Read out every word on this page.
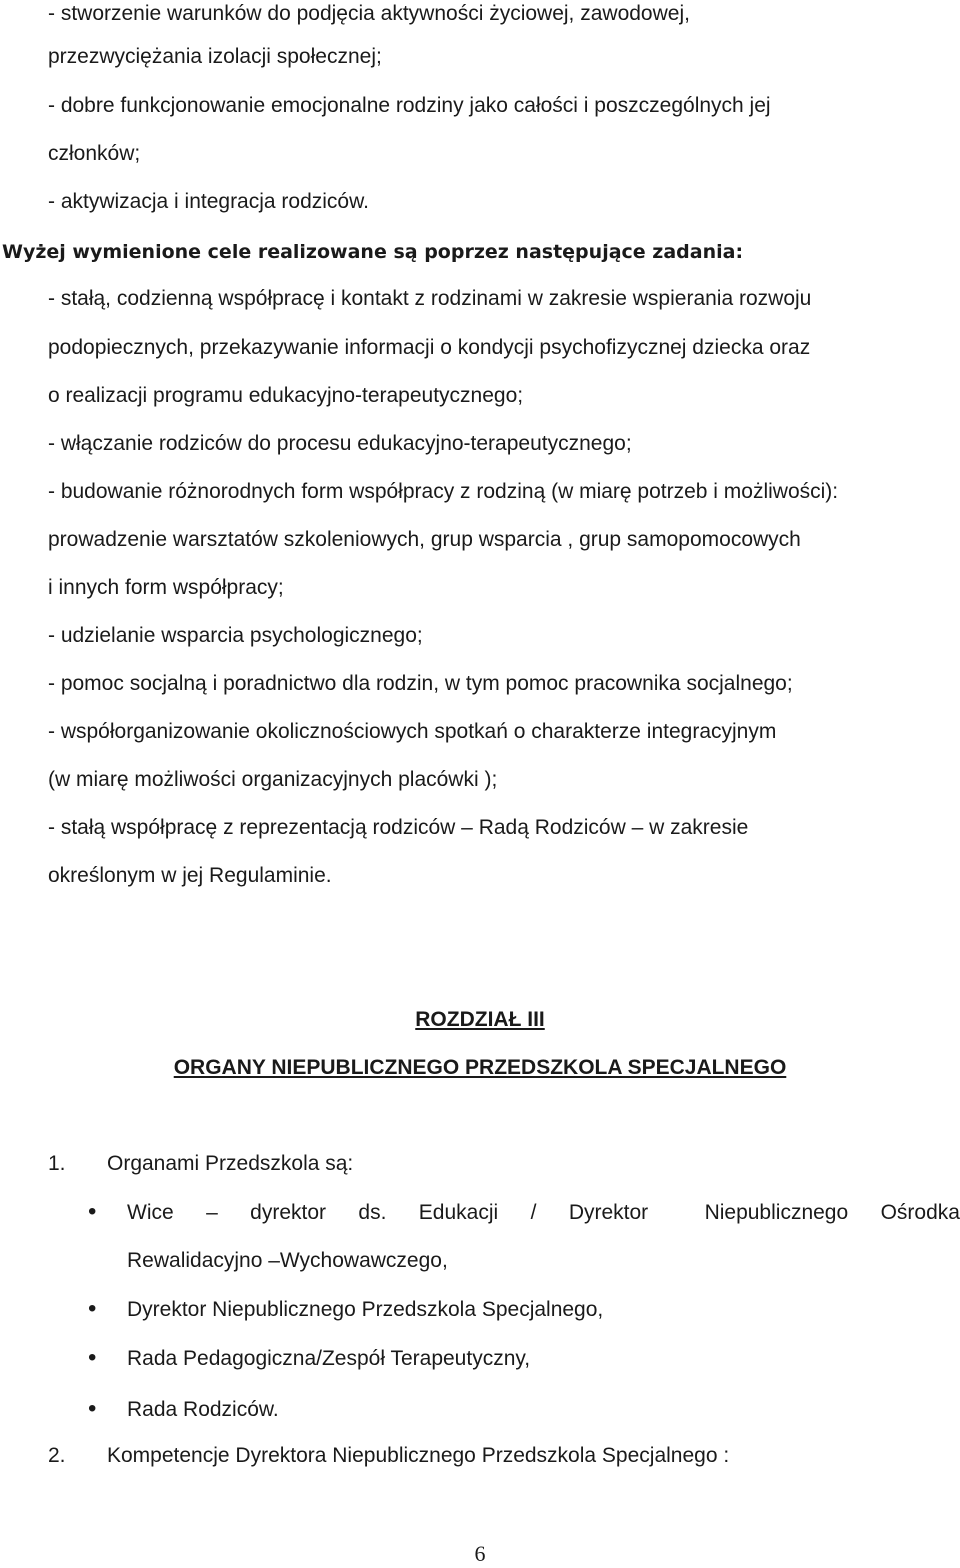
- stworzenie warunków do podjęcia aktywności życiowej, zawodowej,
przezwyciężania izolacji społecznej;
- dobre funkcjonowanie emocjonalne rodziny jako całości i poszczególnych jej
członków;
- aktywizacja i integracja rodziców.
Wyżej wymienione cele realizowane są poprzez następujące zadania:
- stałą, codzienną współpracę i kontakt z rodzinami w zakresie wspierania rozwoju
podopiecznych, przekazywanie informacji o kondycji psychofizycznej dziecka oraz
o realizacji programu edukacyjno-terapeutycznego;
- włączanie rodziców do procesu edukacyjno-terapeutycznego;
- budowanie różnorodnych form współpracy z rodziną (w miarę potrzeb i możliwości):
prowadzenie warsztatów szkoleniowych, grup wsparcia , grup samopomocowych
i innych form współpracy;
- udzielanie wsparcia psychologicznego;
- pomoc socjalną i poradnictwo dla rodzin, w tym pomoc pracownika socjalnego;
- współorganizowanie okolicznościowych spotkań o charakterze integracyjnym
(w miarę możliwości organizacyjnych placówki );
- stałą współpracę z reprezentacją rodziców – Radą Rodziców – w zakresie
określonym w jej Regulaminie.
ROZDZIAŁ III
ORGANY NIEPUBLICZNEGO PRZEDSZKOLA SPECJALNEGO
1. Organami Przedszkola są:
• Wice – dyrektor ds. Edukacji / Dyrektor	Niepublicznego Ośrodka
Rewalidacyjno –Wychowawczego,
• Dyrektor Niepublicznego Przedszkola Specjalnego,
• Rada Pedagogiczna/Zespół Terapeutyczny,
• Rada Rodziców.
2. Kompetencje Dyrektora Niepublicznego Przedszkola Specjalnego :
6
